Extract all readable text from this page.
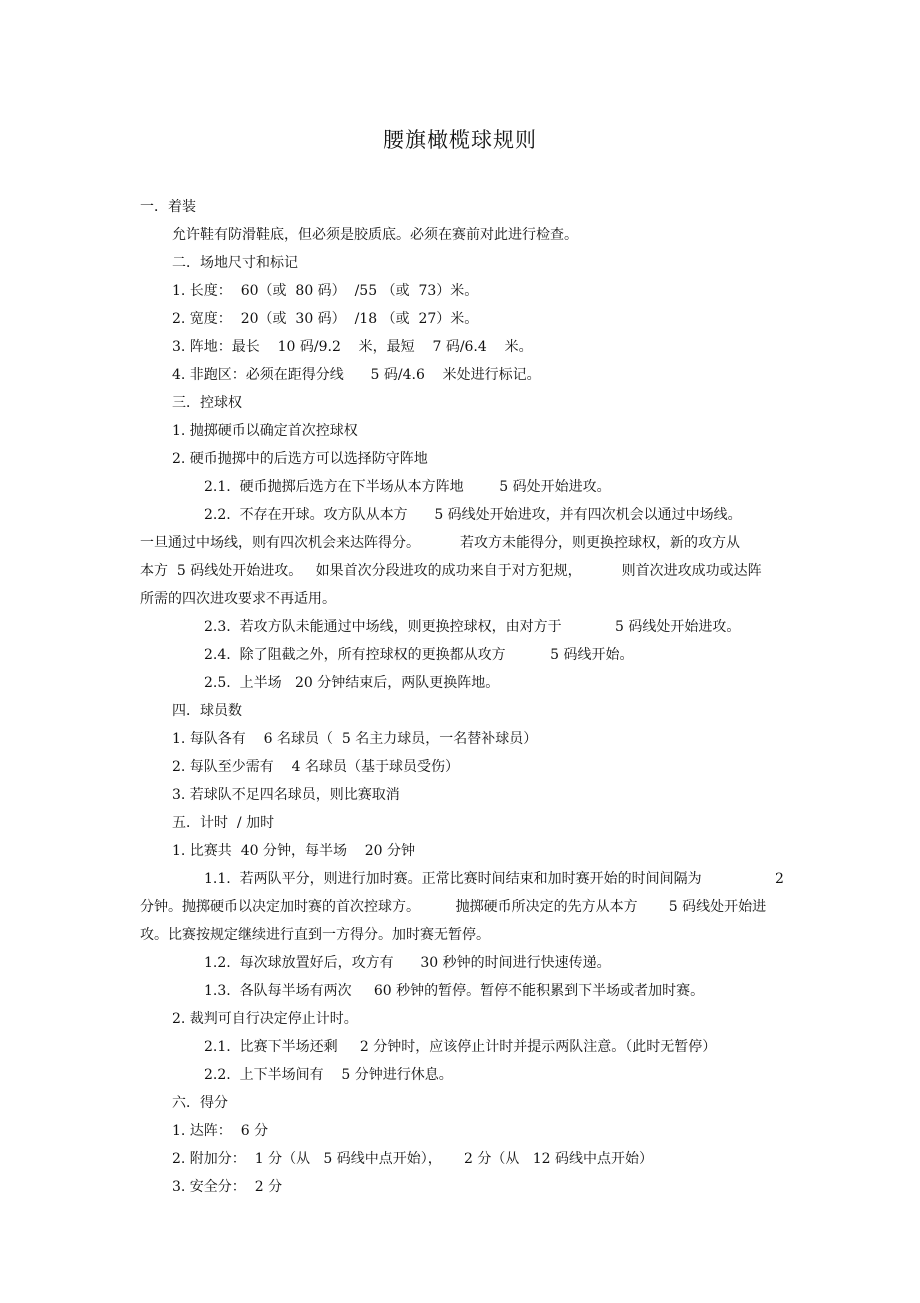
腰旗橄榄球规则
一．着装
允许鞋有防滑鞋底，但必须是胶质底。必须在赛前对此进行检查。
二．场地尺寸和标记
1. 长度：  60（或  80 码）  /55 （或  73）米。
2. 宽度：  20（或  30 码）  /18 （或  27）米。
3. 阵地：最长    10 码/9.2    米，最短    7 码/6.4    米。
4. 非跑区：必须在距得分线      5 码/4.6    米处进行标记。
三．控球权
1. 抛掷硬币以确定首次控球权
2. 硬币抛掷中的后选方可以选择防守阵地
2.1.  硬币抛掷后选方在下半场从本方阵地        5 码处开始进攻。
2.2.  不存在开球。攻方队从本方      5 码线处开始进攻，并有四次机会以通过中场线。
一旦通过中场线，则有四次机会来达阵得分。         若攻方未能得分，则更换控球权，新的攻方从
本方  5 码线处开始进攻。   如果首次分段进攻的成功来自于对方犯规，         则首次进攻成功或达阵
所需的四次进攻要求不再适用。
2.3.  若攻方队未能通过中场线，则更换控球权，由对方于            5 码线处开始进攻。
2.4.  除了阻截之外，所有控球权的更换都从攻方          5 码线开始。
2.5.  上半场   20 分钟结束后，两队更换阵地。
四．球员数
1. 每队各有    6 名球员（  5 名主力球员，一名替补球员）
2. 每队至少需有    4 名球员（基于球员受伤）
3. 若球队不足四名球员，则比赛取消
五．计时  / 加时
1. 比赛共  40 分钟，每半场    20 分钟
1.1.  若两队平分，则进行加时赛。正常比赛时间结束和加时赛开始的时间间隔为
分钟。抛掷硬币以决定加时赛的首次控球方。        抛掷硬币所决定的先方从本方       5 码线处开始进
攻。比赛按规定继续进行直到一方得分。加时赛无暂停。
1.2.  每次球放置好后，攻方有      30 秒钟的时间进行快速传递。
1.3.  各队每半场有两次     60 秒钟的暂停。暂停不能积累到下半场或者加时赛。
2. 裁判可自行决定停止计时。
2.1.  比赛下半场还剩     2 分钟时，应该停止计时并提示两队注意。（此时无暂停）
2.2.  上下半场间有    5 分钟进行休息。
六．得分
1. 达阵：  6 分
2. 附加分：  1 分（从   5 码线中点开始），     2 分（从   12 码线中点开始）
3. 安全分：  2 分
2
